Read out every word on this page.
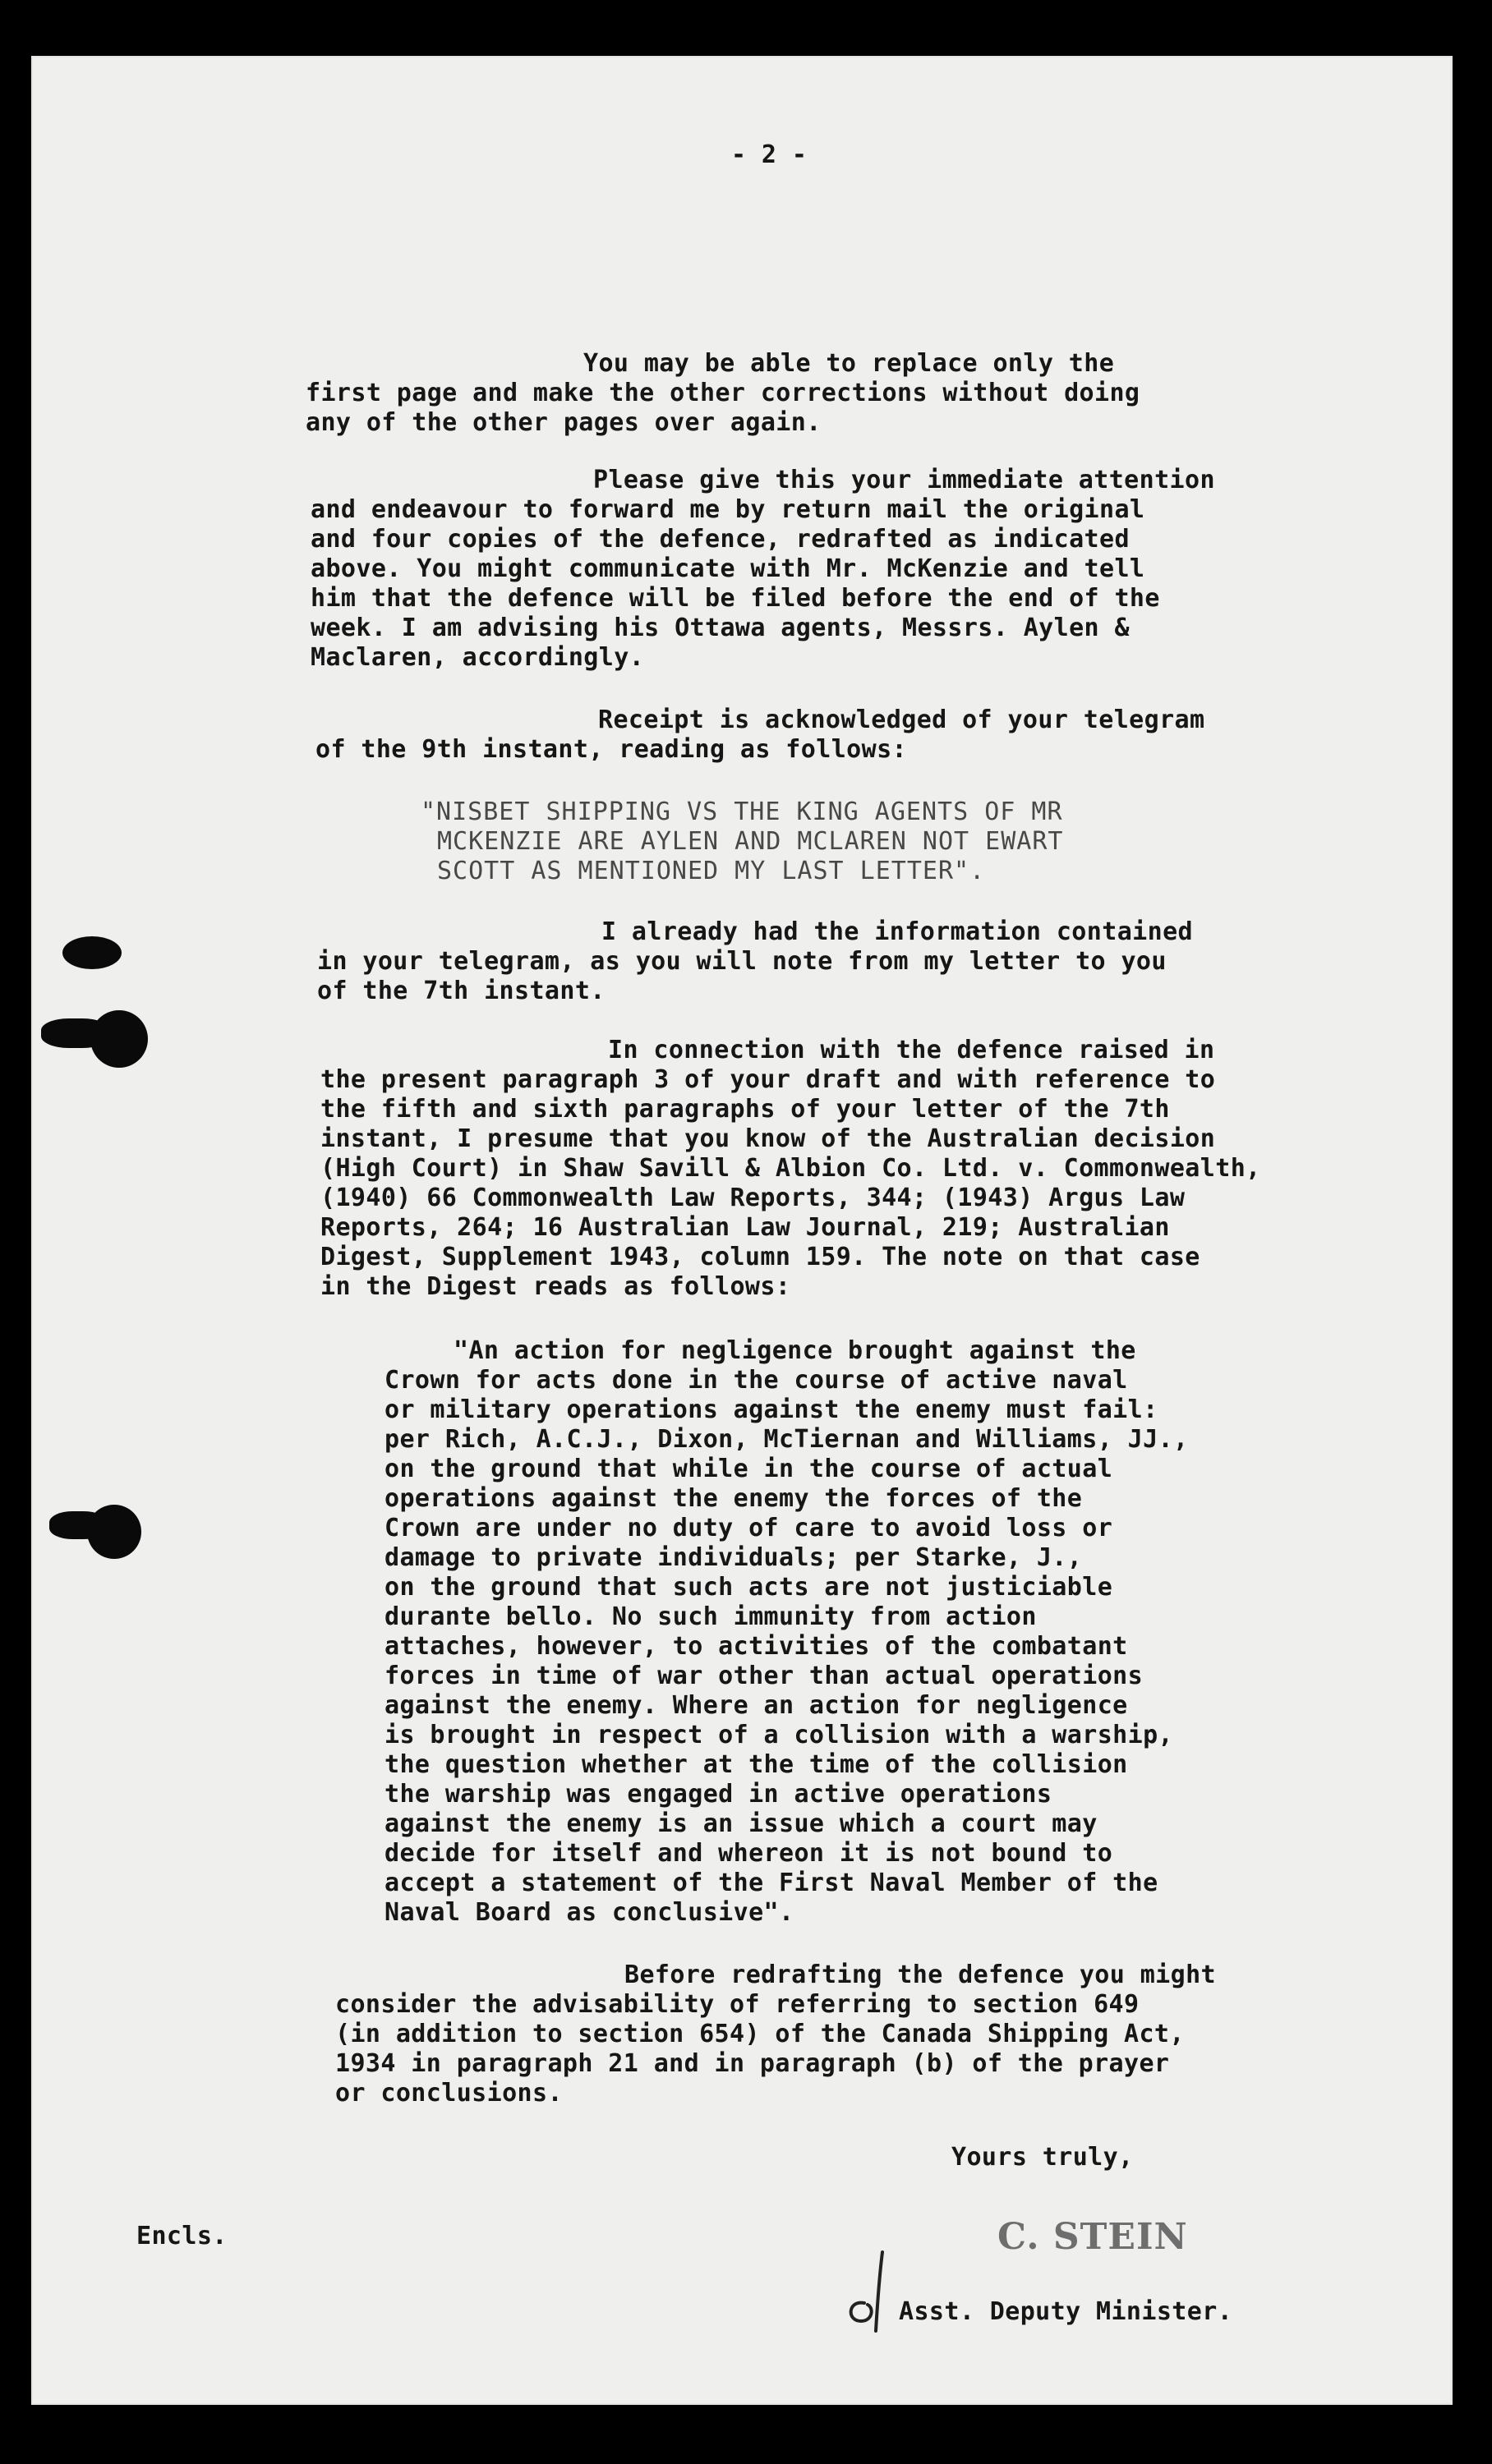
- 2 -
You may be able to replace only the
first page and make the other corrections without doing
any of the other pages over again.
Please give this your immediate attention
and endeavour to forward me by return mail the original
and four copies of the defence, redrafted as indicated
above. You might communicate with Mr. McKenzie and tell
him that the defence will be filed before the end of the
week. I am advising his Ottawa agents, Messrs. Aylen &
Maclaren, accordingly.
Receipt is acknowledged of your telegram
of the 9th instant, reading as follows:
"NISBET SHIPPING VS THE KING AGENTS OF MR
MCKENZIE ARE AYLEN AND MCLAREN NOT EWART
SCOTT AS MENTIONED MY LAST LETTER".
I already had the information contained
in your telegram, as you will note from my letter to you
of the 7th instant.
In connection with the defence raised in
the present paragraph 3 of your draft and with reference to
the fifth and sixth paragraphs of your letter of the 7th
instant, I presume that you know of the Australian decision
(High Court) in Shaw Savill & Albion Co. Ltd. v. Commonwealth,
(1940) 66 Commonwealth Law Reports, 344; (1943) Argus Law
Reports, 264; 16 Australian Law Journal, 219; Australian
Digest, Supplement 1943, column 159. The note on that case
in the Digest reads as follows:
"An action for negligence brought against the
Crown for acts done in the course of active naval
or military operations against the enemy must fail:
per Rich, A.C.J., Dixon, McTiernan and Williams, JJ.,
on the ground that while in the course of actual
operations against the enemy the forces of the
Crown are under no duty of care to avoid loss or
damage to private individuals; per Starke, J.,
on the ground that such acts are not justiciable
durante bello. No such immunity from action
attaches, however, to activities of the combatant
forces in time of war other than actual operations
against the enemy. Where an action for negligence
is brought in respect of a collision with a warship,
the question whether at the time of the collision
the warship was engaged in active operations
against the enemy is an issue which a court may
decide for itself and whereon it is not bound to
accept a statement of the First Naval Member of the
Naval Board as conclusive".
Before redrafting the defence you might
consider the advisability of referring to section 649
(in addition to section 654) of the Canada Shipping Act,
1934 in paragraph 21 and in paragraph (b) of the prayer
or conclusions.
Yours truly,
Encls.	C. STEIN
Asst. Deputy Minister.
